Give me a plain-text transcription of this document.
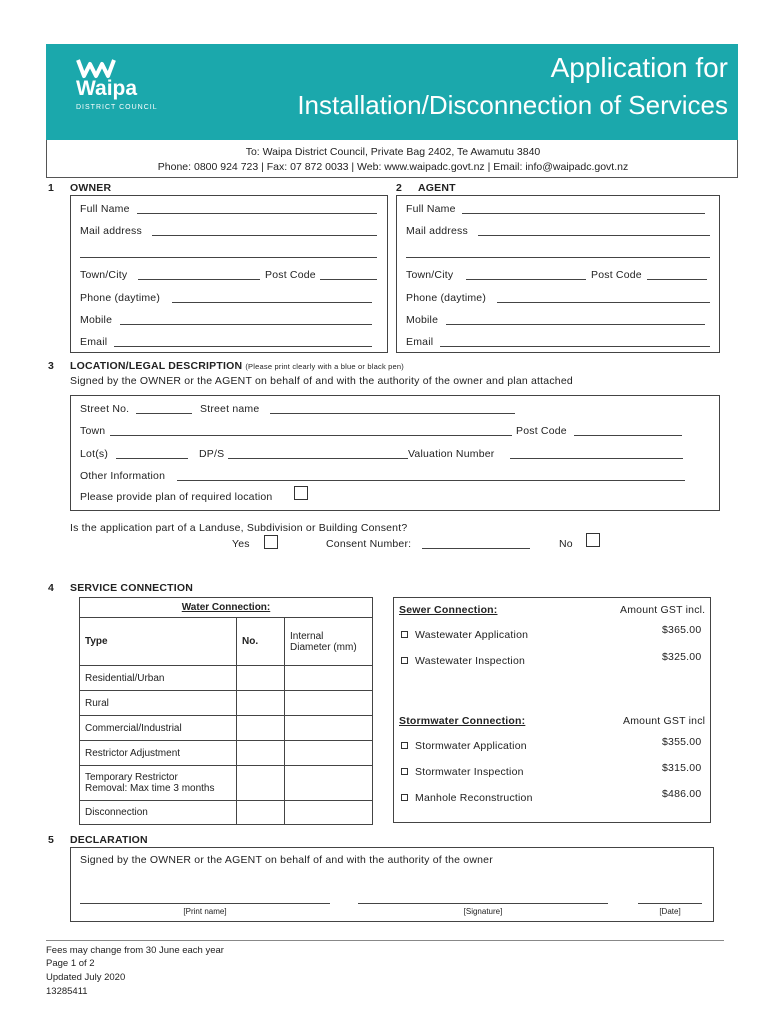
Waipa
DISTRICT COUNCIL
Application for
Installation/Disconnection of Services
To: Waipa District Council, Private Bag 2402, Te Awamutu 3840
Phone: 0800 924 723 | Fax: 07 872 0033 | Web: www.waipadc.govt.nz | Email: info@waipadc.govt.nz
1 OWNER	2 AGENT
Full Name
Mail address
Town/City	Post Code
Phone (daytime)
Mobile
Email
Full Name
Mail address
Town/City	Post Code
Phone (daytime)
Mobile
Email
3 LOCATION/LEGAL DESCRIPTION (Please print clearly with a blue or black pen)
Signed by the OWNER or the AGENT on behalf of and with the authority of the owner and plan attached
Street No.	Street name
Town	Post Code
Lot(s)	DP/S	Valuation Number
Other Information
Please provide plan of required location
Is the application part of a Landuse, Subdivision or Building Consent?
Yes	Consent Number:	No
4 SERVICE CONNECTION
Water Connection:		
Type	No.	Internal
Diameter (mm)
Residential/Urban		
Rural		
Commercial/Industrial		
Restrictor Adjustment		
Temporary Restrictor
Removal: Max time 3 months		
Disconnection		
Sewer Connection:	Amount GST incl.
Wastewater Application	$365.00
Wastewater Inspection	$325.00
Stormwater Connection:	Amount GST incl
Stormwater Application	$355.00
Stormwater Inspection	$315.00
Manhole Reconstruction	$486.00
5 DECLARATION
Signed by the OWNER or the AGENT on behalf of and with the authority of the owner
[Print name]	[Signature]	[Date]
Fees may change from 30 June each year
Page 1 of 2
Updated July 2020
13285411
